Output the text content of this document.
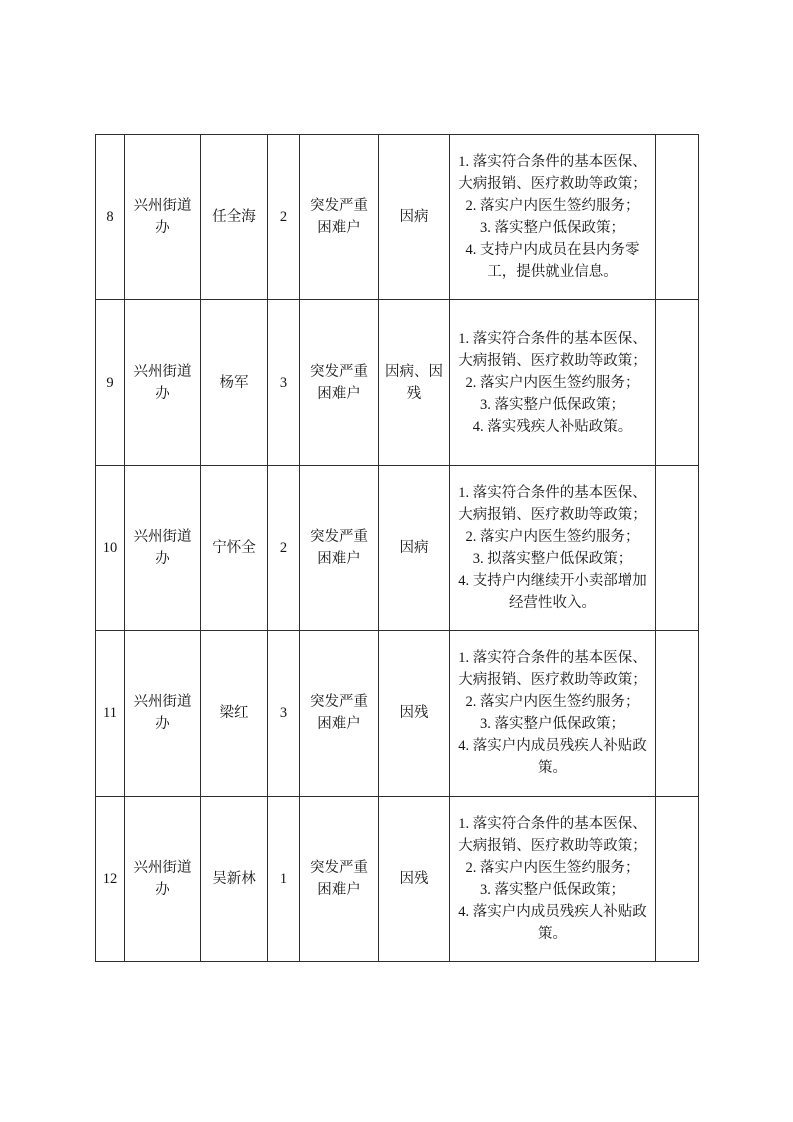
8	兴州街道办	任全海	2	突发严重困难户	因病	1. 落实符合条件的基本医保、大病报销、医疗救助等政策；
2. 落实户内医生签约服务；
3. 落实整户低保政策；
4. 支持户内成员在县内务零工，提供就业信息。	

9	兴州街道办	杨军	3	突发严重困难户	因病、因残	1. 落实符合条件的基本医保、大病报销、医疗救助等政策；
2. 落实户内医生签约服务；
3. 落实整户低保政策；
4. 落实残疾人补贴政策。	

10	兴州街道办	宁怀全	2	突发严重困难户	因病	1. 落实符合条件的基本医保、大病报销、医疗救助等政策；
2. 落实户内医生签约服务；
3. 拟落实整户低保政策；
4. 支持户内继续开小卖部增加经营性收入。	

11	兴州街道办	梁红	3	突发严重困难户	因残	1. 落实符合条件的基本医保、大病报销、医疗救助等政策；
2. 落实户内医生签约服务；
3. 落实整户低保政策；
4. 落实户内成员残疾人补贴政策。	

12	兴州街道办	吴新林	1	突发严重困难户	因残	1. 落实符合条件的基本医保、大病报销、医疗救助等政策；
2. 落实户内医生签约服务；
3. 落实整户低保政策；
4. 落实户内成员残疾人补贴政策。	
